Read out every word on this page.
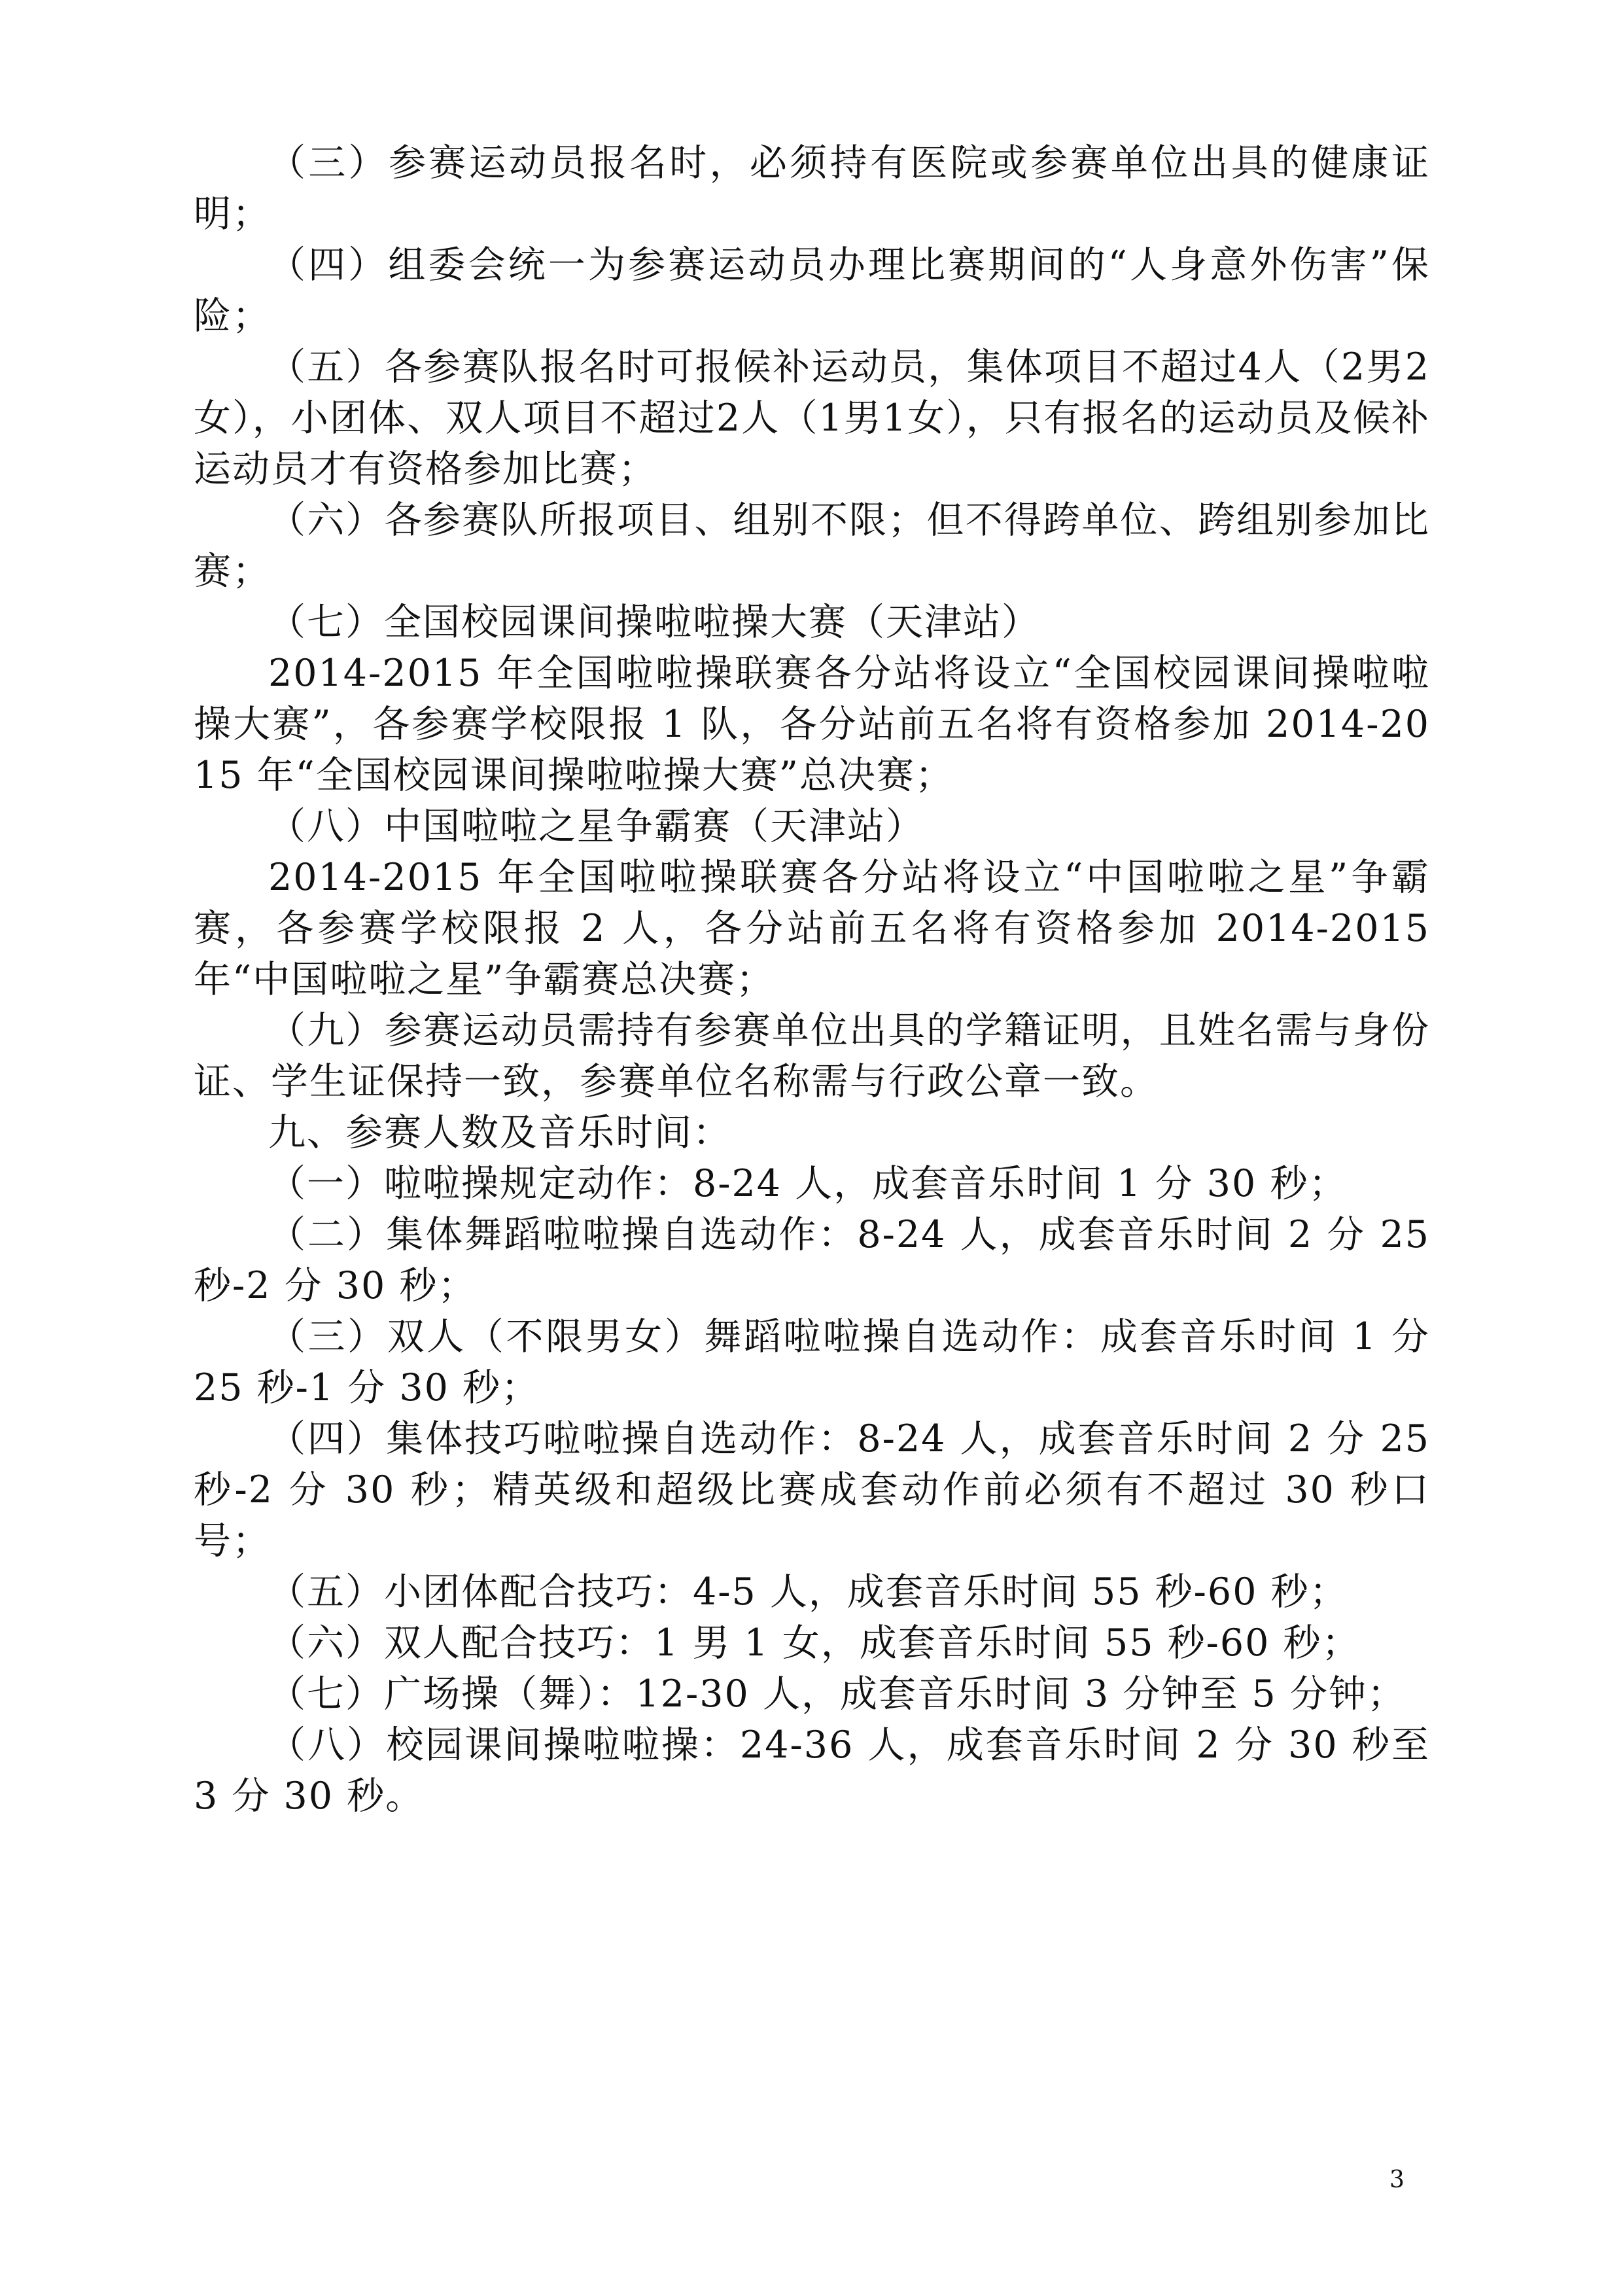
（三）参赛运动员报名时，必须持有医院或参赛单位出具的健康证明；

（四）组委会统一为参赛运动员办理比赛期间的“人身意外伤害”保险；

（五）各参赛队报名时可报候补运动员，集体项目不超过4人（2男2女），小团体、双人项目不超过2人（1男1女），只有报名的运动员及候补运动员才有资格参加比赛；

（六）各参赛队所报项目、组别不限；但不得跨单位、跨组别参加比赛；

（七）全国校园课间操啦啦操大赛（天津站）

2014-2015 年全国啦啦操联赛各分站将设立“全国校园课间操啦啦操大赛”，各参赛学校限报 1 队，各分站前五名将有资格参加 2014-2015 年“全国校园课间操啦啦操大赛”总决赛；

（八）中国啦啦之星争霸赛（天津站）

2014-2015 年全国啦啦操联赛各分站将设立“中国啦啦之星”争霸赛，各参赛学校限报 2 人，各分站前五名将有资格参加 2014-2015 年“中国啦啦之星”争霸赛总决赛；

（九）参赛运动员需持有参赛单位出具的学籍证明，且姓名需与身份证、学生证保持一致，参赛单位名称需与行政公章一致。

九、参赛人数及音乐时间：

（一）啦啦操规定动作：8-24 人，成套音乐时间 1 分 30 秒；

（二）集体舞蹈啦啦操自选动作：8-24 人，成套音乐时间 2 分 25 秒-2 分 30 秒；

（三）双人（不限男女）舞蹈啦啦操自选动作：成套音乐时间 1 分 25 秒-1 分 30 秒；

（四）集体技巧啦啦操自选动作：8-24 人，成套音乐时间 2 分 25 秒-2 分 30 秒；精英级和超级比赛成套动作前必须有不超过 30 秒口号；

（五）小团体配合技巧：4-5 人，成套音乐时间 55 秒-60 秒；

（六）双人配合技巧：1 男 1 女，成套音乐时间 55 秒-60 秒；

（七）广场操（舞）：12-30 人，成套音乐时间 3 分钟至 5 分钟；

（八）校园课间操啦啦操：24-36 人，成套音乐时间 2 分 30 秒至 3 分 30 秒。

3
